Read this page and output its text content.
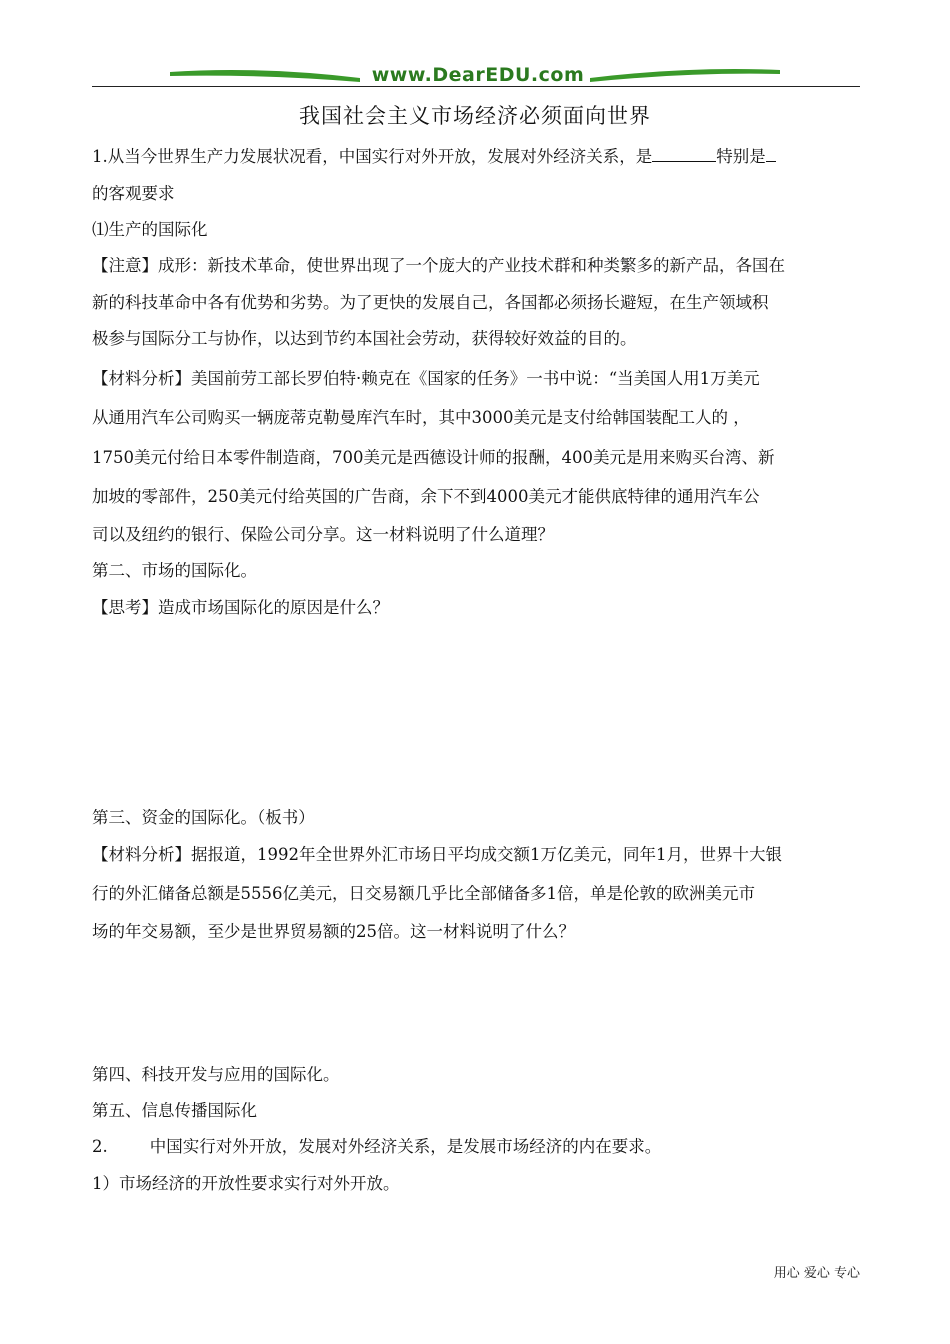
www.DearEDU.com
我国社会主义市场经济必须面向世界
1.从当今世界生产力发展状况看，中国实行对外开放，发展对外经济关系，是	特别是
的客观要求
⑴生产的国际化
【注意】成形：新技术革命，使世界出现了一个庞大的产业技术群和种类繁多的新产品，各国在
新的科技革命中各有优势和劣势。为了更快的发展自己，各国都必须扬长避短，在生产领域积
极参与国际分工与协作，以达到节约本国社会劳动，获得较好效益的目的。
【材料分析】美国前劳工部长罗伯特·赖克在《国家的任务》一书中说：“当美国人用1万美元
从通用汽车公司购买一辆庞蒂克勒曼库汽车时，其中3000美元是支付给韩国装配工人的 ，
1750美元付给日本零件制造商，700美元是西德设计师的报酬，400美元是用来购买台湾、新
加坡的零部件，250美元付给英国的广告商，余下不到4000美元才能供底特律的通用汽车公
司以及纽约的银行、保险公司分享。这一材料说明了什么道理？
第二、市场的国际化。
【思考】造成市场国际化的原因是什么？
第三、资金的国际化。（板书）
【材料分析】据报道，1992年全世界外汇市场日平均成交额1万亿美元，同年1月，世界十大银
行的外汇储备总额是5556亿美元，日交易额几乎比全部储备多1倍，单是伦敦的欧洲美元市
场的年交易额，至少是世界贸易额的25倍。这一材料说明了什么？
第四、科技开发与应用的国际化。
第五、信息传播国际化
2.        中国实行对外开放，发展对外经济关系，是发展市场经济的内在要求。
1）市场经济的开放性要求实行对外开放。
用心 爱心 专心
